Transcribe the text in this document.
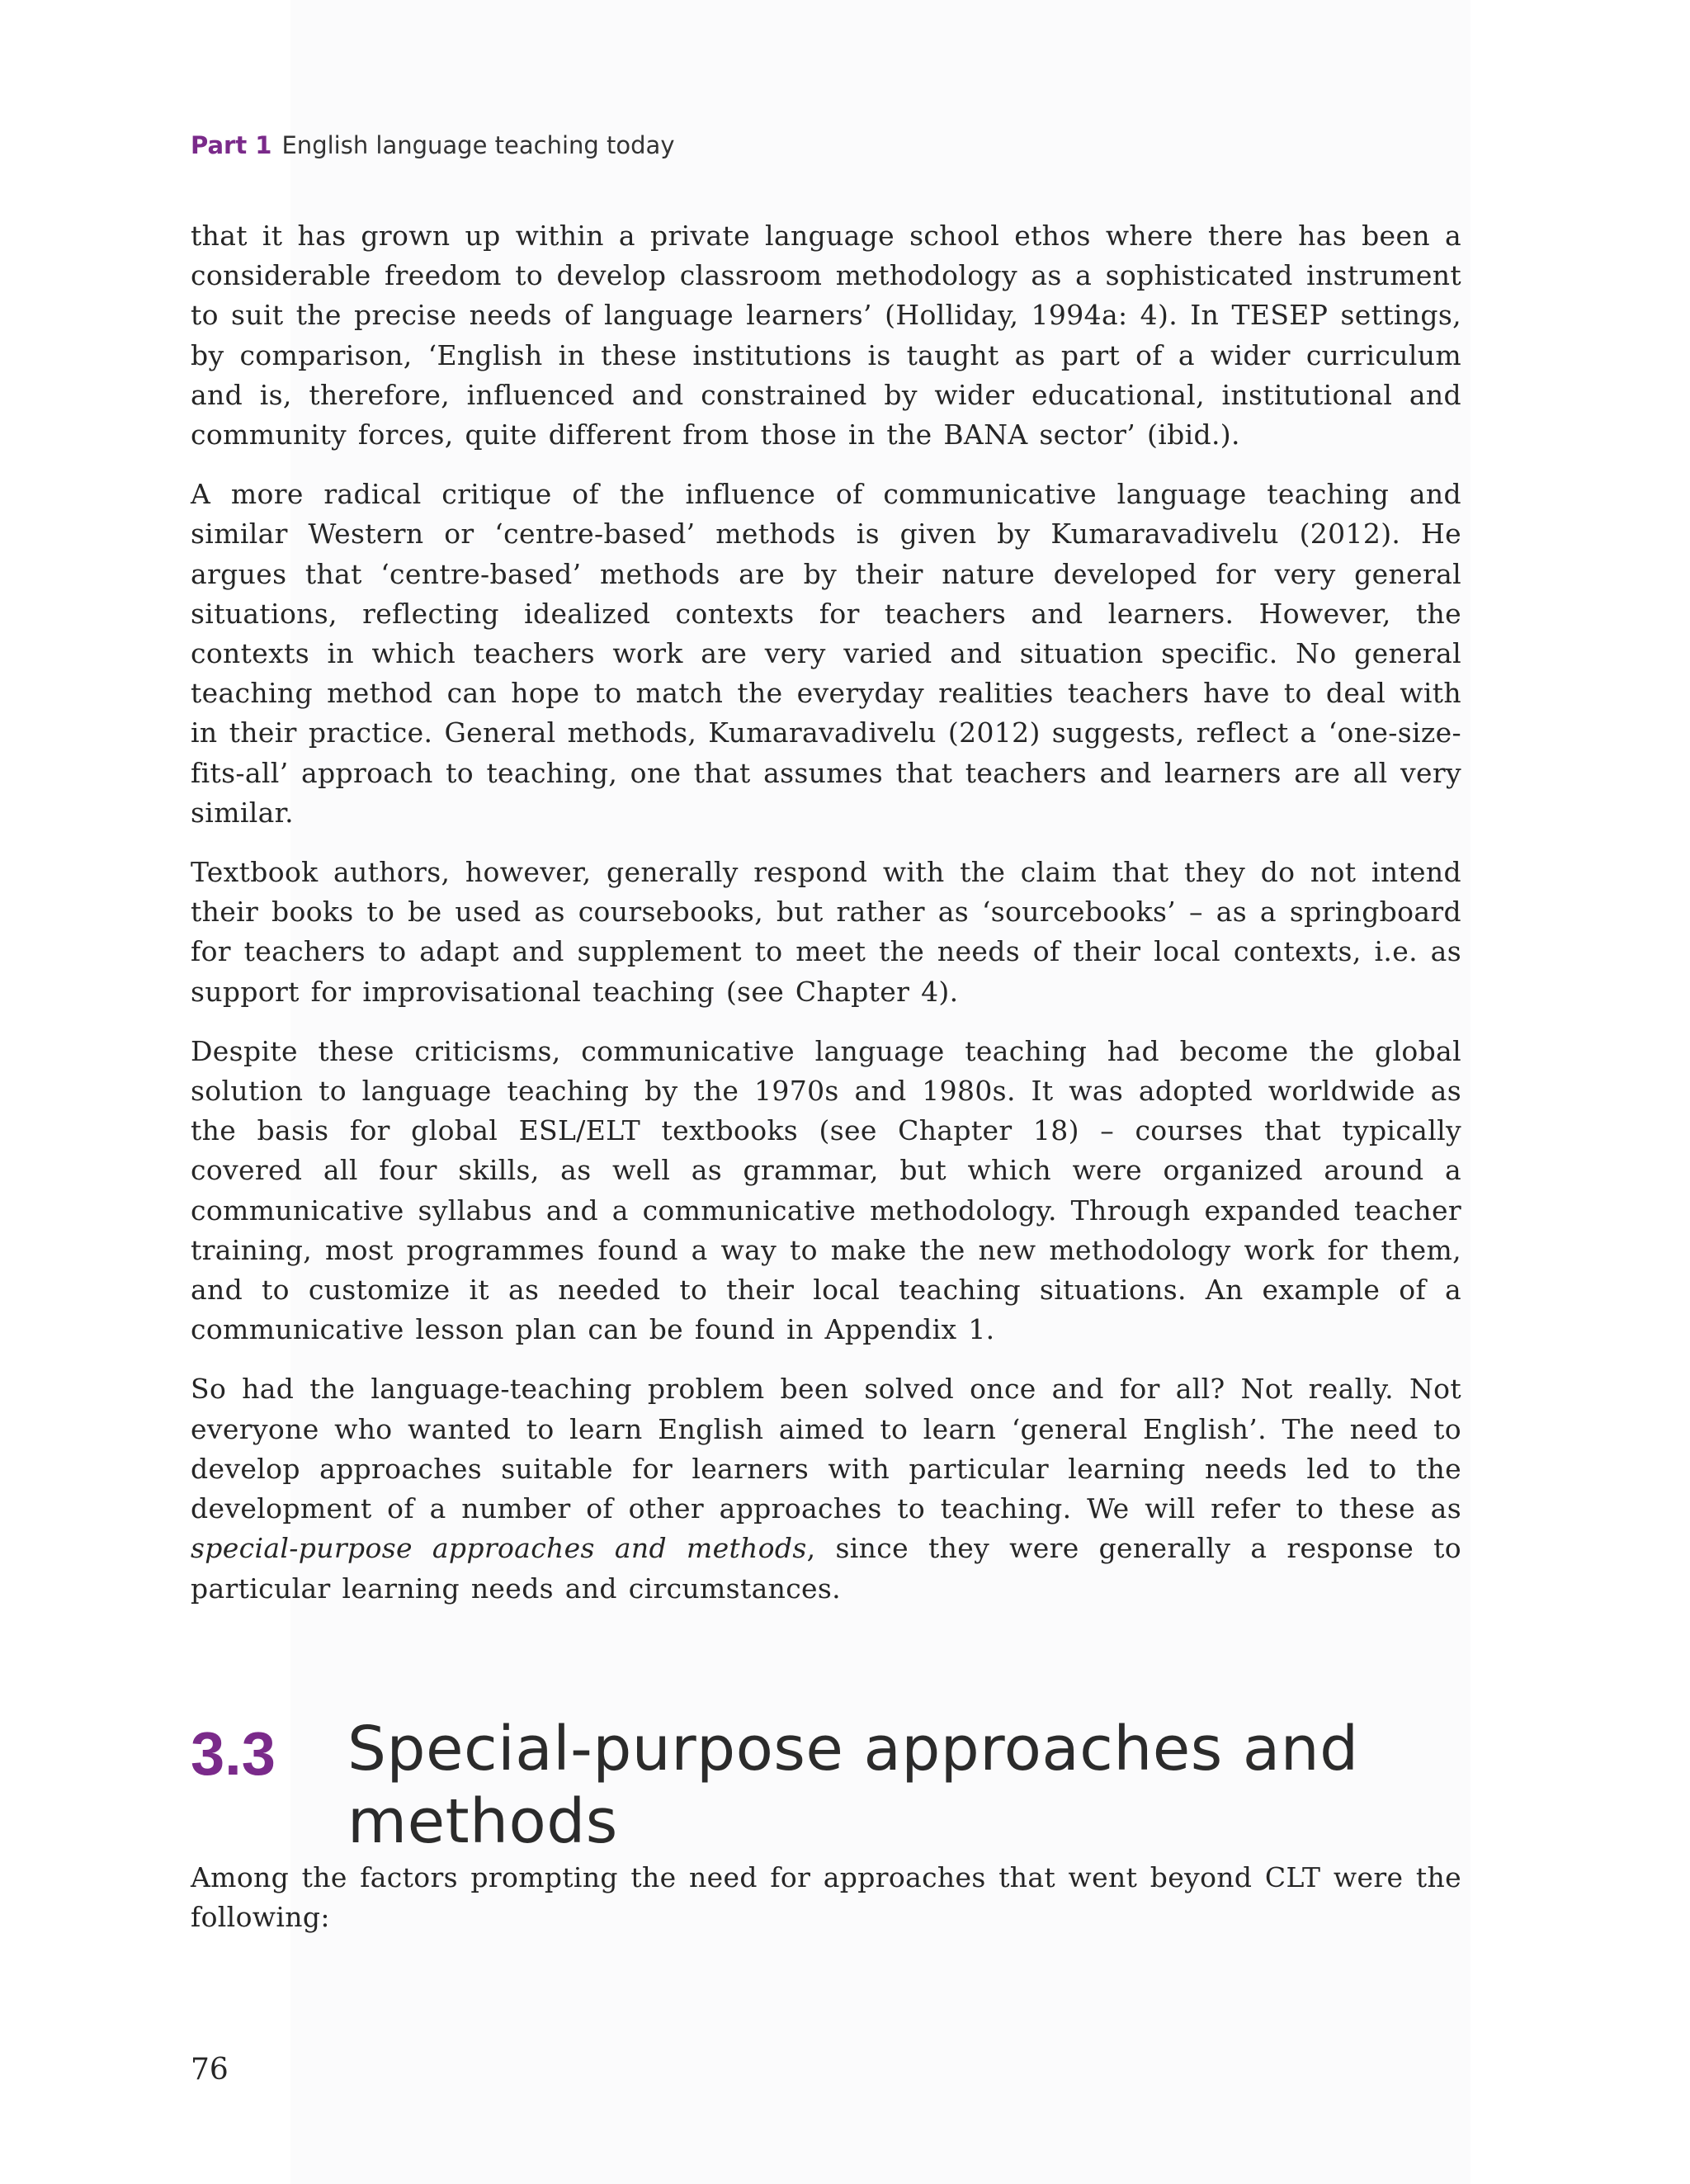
Part 1 English language teaching today

that it has grown up within a private language school ethos where there has been a considerable freedom to develop classroom methodology as a sophisticated instrument to suit the precise needs of language learners’ (Holliday, 1994a: 4). In TESEP settings, by comparison, ‘English in these institutions is taught as part of a wider curriculum and is, therefore, influenced and constrained by wider educational, institutional and community forces, quite different from those in the BANA sector’ (ibid.).

A more radical critique of the influence of communicative language teaching and similar Western or ‘centre-based’ methods is given by Kumaravadivelu (2012). He argues that ‘centre-based’ methods are by their nature developed for very general situations, reflecting idealized contexts for teachers and learners. However, the contexts in which teachers work are very varied and situation specific. No general teaching method can hope to match the everyday realities teachers have to deal with in their practice. General methods, Kumaravadivelu (2012) suggests, reflect a ‘one-size-fits-all’ approach to teaching, one that assumes that teachers and learners are all very similar.

Textbook authors, however, generally respond with the claim that they do not intend their books to be used as coursebooks, but rather as ‘sourcebooks’ – as a springboard for teachers to adapt and supplement to meet the needs of their local contexts, i.e. as support for improvisational teaching (see Chapter 4).

Despite these criticisms, communicative language teaching had become the global solution to language teaching by the 1970s and 1980s. It was adopted worldwide as the basis for global ESL/ELT textbooks (see Chapter 18) – courses that typically covered all four skills, as well as grammar, but which were organized around a communicative syllabus and a communicative methodology. Through expanded teacher training, most programmes found a way to make the new methodology work for them, and to customize it as needed to their local teaching situations. An example of a communicative lesson plan can be found in Appendix 1.

So had the language-teaching problem been solved once and for all? Not really. Not everyone who wanted to learn English aimed to learn ‘general English’. The need to develop approaches suitable for learners with particular learning needs led to the development of a number of other approaches to teaching. We will refer to these as special-purpose approaches and methods, since they were generally a response to particular learning needs and circumstances.

3.3 Special-purpose approaches and methods

Among the factors prompting the need for approaches that went beyond CLT were the following:

76
